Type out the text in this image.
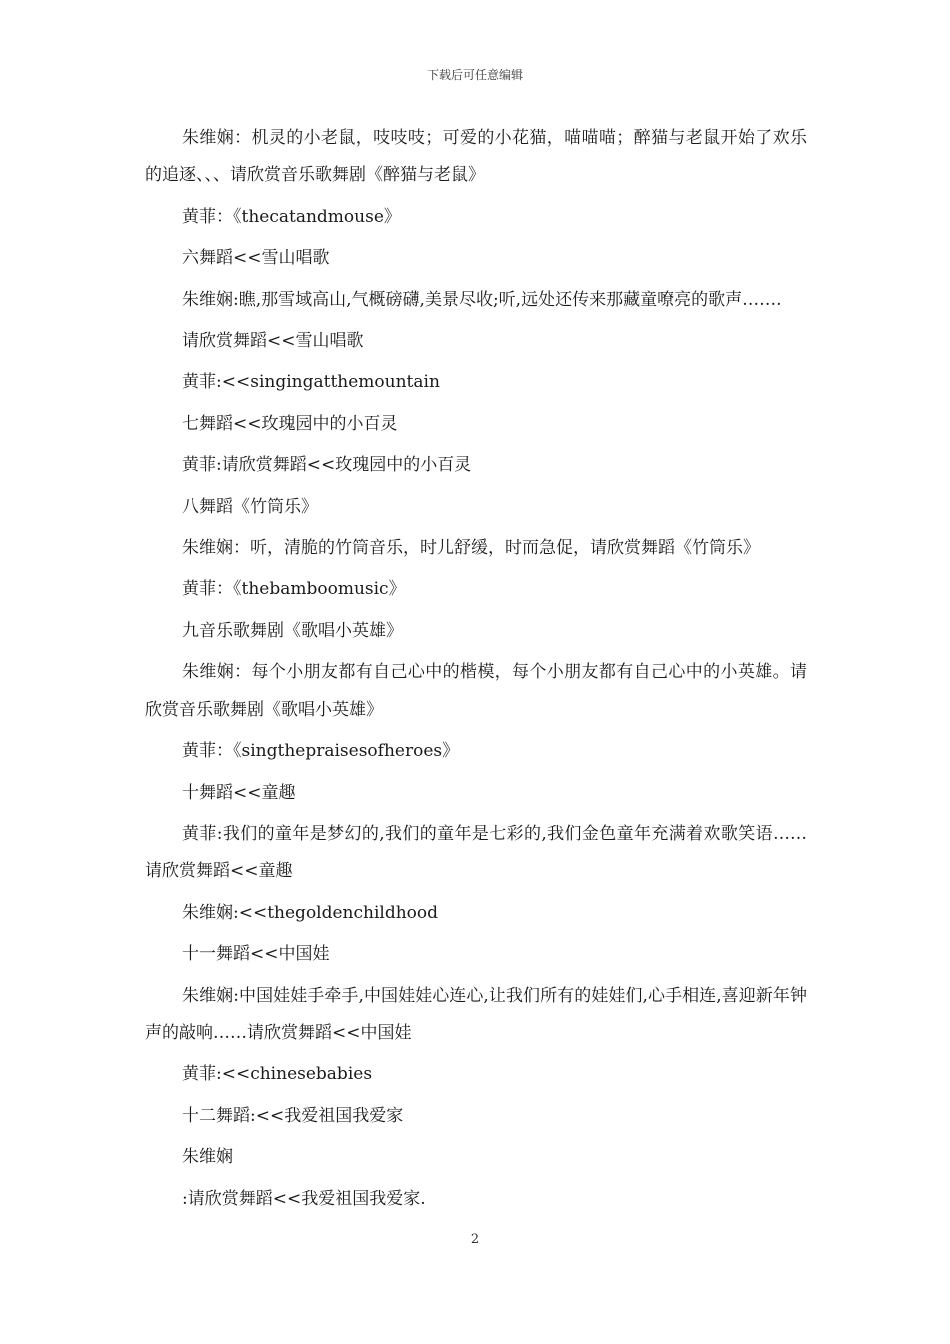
下载后可任意编辑

朱维娴：机灵的小老鼠，吱吱吱；可爱的小花猫，喵喵喵；醉猫与老鼠开始了欢乐的追逐、、、请欣赏音乐歌舞剧《醉猫与老鼠》

黄菲：《thecatandmouse》

六舞蹈<<雪山唱歌

朱维娴:瞧,那雪域高山,气概磅礴,美景尽收;听,远处还传来那藏童嘹亮的歌声…….

请欣赏舞蹈<<雪山唱歌

黄菲:<<singingatthemountain

七舞蹈<<玫瑰园中的小百灵

黄菲:请欣赏舞蹈<<玫瑰园中的小百灵

八舞蹈《竹筒乐》

朱维娴：听，清脆的竹筒音乐，时儿舒缓，时而急促，请欣赏舞蹈《竹筒乐》

黄菲：《thebamboomusic》

九音乐歌舞剧《歌唱小英雄》

朱维娴：每个小朋友都有自己心中的楷模，每个小朋友都有自己心中的小英雄。请欣赏音乐歌舞剧《歌唱小英雄》

黄菲：《singthepraisesofheroes》

十舞蹈<<童趣

黄菲:我们的童年是梦幻的,我们的童年是七彩的,我们金色童年充满着欢歌笑语……请欣赏舞蹈<<童趣

朱维娴:<<thegoldenchildhood

十一舞蹈<<中国娃

朱维娴:中国娃娃手牵手,中国娃娃心连心,让我们所有的娃娃们,心手相连,喜迎新年钟声的敲响……请欣赏舞蹈<<中国娃

黄菲:<<chinesebabies

十二舞蹈:<<我爱祖国我爱家

朱维娴

:请欣赏舞蹈<<我爱祖国我爱家.

2
